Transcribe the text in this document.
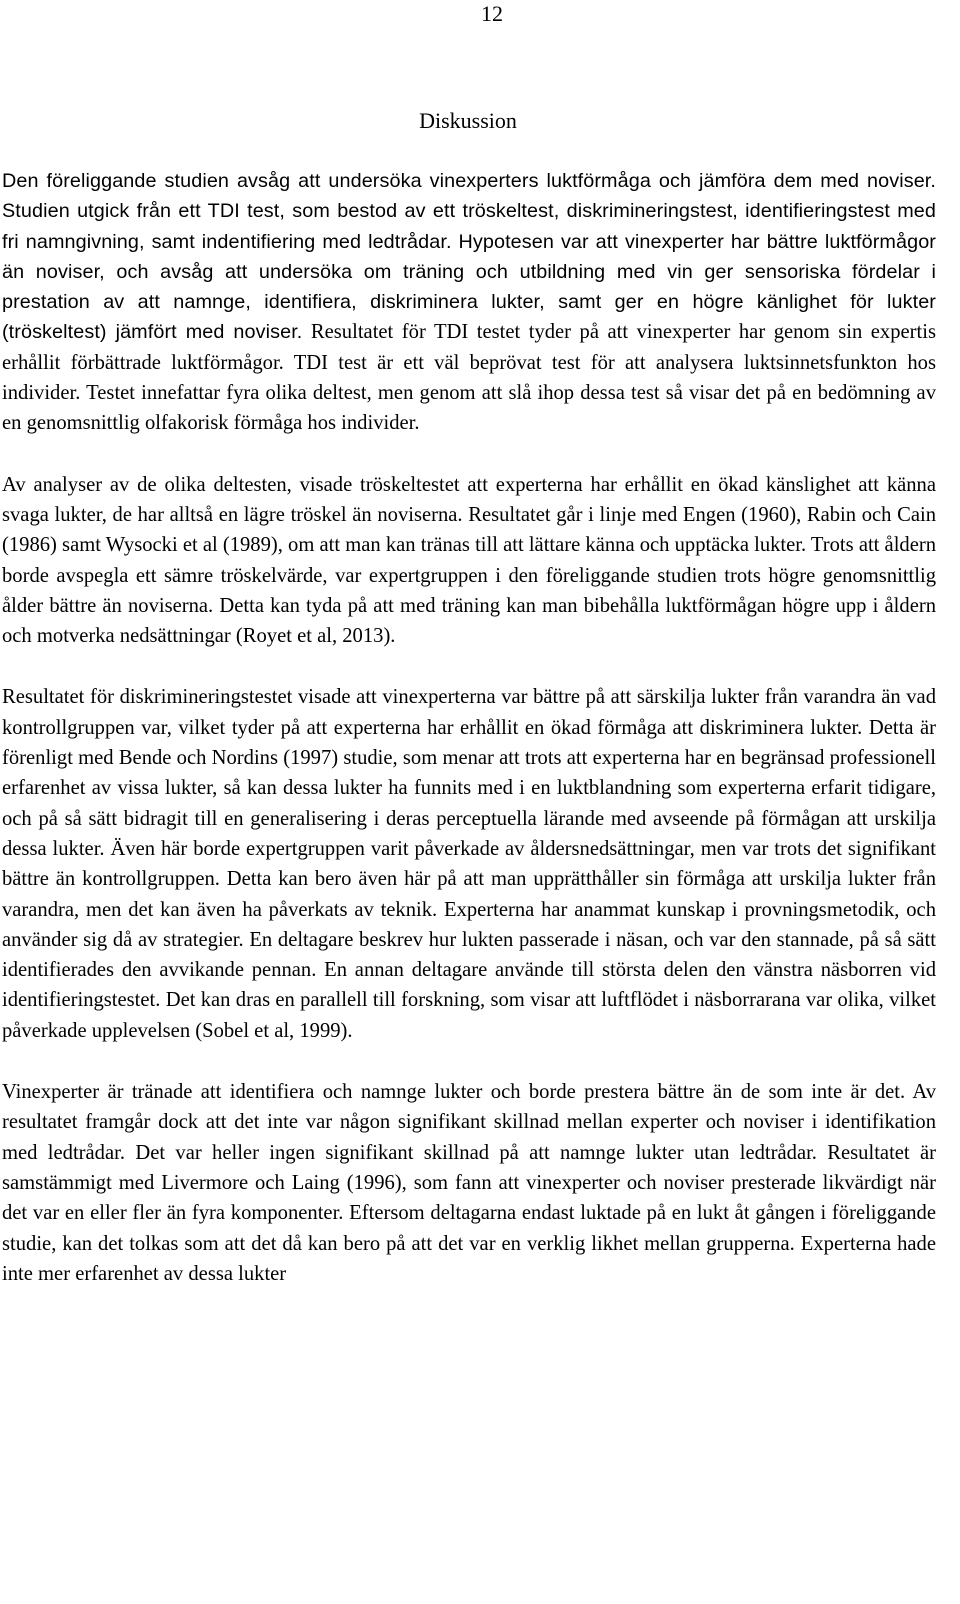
12
Diskussion

Den föreliggande studien avsåg att undersöka vinexperters luktförmåga och jämföra dem med noviser. Studien utgick från ett TDI test, som bestod av ett tröskeltest, diskrimineringstest, identifieringstest med fri namngivning, samt indentifiering med ledtrådar. Hypotesen var att vinexperter har bättre luktförmågor än noviser, och avsåg att undersöka om träning och utbildning med vin ger sensoriska fördelar i prestation av att namnge, identifiera, diskriminera lukter, samt ger en högre känlighet för lukter (tröskeltest) jämfört med noviser. Resultatet för TDI testet tyder på att vinexperter har genom sin expertis erhållit förbättrade luktförmågor. TDI test är ett väl beprövat test för att analysera luktsinnetsfunkton hos individer. Testet innefattar fyra olika deltest, men genom att slå ihop dessa test så visar det på en bedömning av en genomsnittlig olfakorisk förmåga hos individer.

Av analyser av de olika deltesten, visade tröskeltestet att experterna har erhållit en ökad känslighet att känna svaga lukter, de har alltså en lägre tröskel än noviserna. Resultatet går i linje med Engen (1960), Rabin och Cain (1986) samt Wysocki et al (1989), om att man kan tränas till att lättare känna och upptäcka lukter. Trots att åldern borde avspegla ett sämre tröskelvärde, var expertgruppen i den föreliggande studien trots högre genomsnittlig ålder bättre än noviserna. Detta kan tyda på att med träning kan man bibehålla luktförmågan högre upp i åldern och motverka nedsättningar (Royet et al, 2013).

Resultatet för diskrimineringstestet visade att vinexperterna var bättre på att särskilja lukter från varandra än vad kontrollgruppen var, vilket tyder på att experterna har erhållit en ökad förmåga att diskriminera lukter. Detta är förenligt med Bende och Nordins (1997) studie, som menar att trots att experterna har en begränsad professionell erfarenhet av vissa lukter, så kan dessa lukter ha funnits med i en luktblandning som experterna erfarit tidigare, och på så sätt bidragit till en generalisering i deras perceptuella lärande med avseende på förmågan att urskilja dessa lukter. Även här borde expertgruppen varit påverkade av åldersnedsättningar, men var trots det signifikant bättre än kontrollgruppen. Detta kan bero även här på att man upprätthåller sin förmåga att urskilja lukter från varandra, men det kan även ha påverkats av teknik. Experterna har anammat kunskap i provningsmetodik, och använder sig då av strategier. En deltagare beskrev hur lukten passerade i näsan, och var den stannade, på så sätt identifierades den avvikande pennan. En annan deltagare använde till största delen den vänstra näsborren vid identifieringstestet. Det kan dras en parallell till forskning, som visar att luftflödet i näsborrarana var olika, vilket påverkade upplevelsen (Sobel et al, 1999).

Vinexperter är tränade att identifiera och namnge lukter och borde prestera bättre än de som inte är det. Av resultatet framgår dock att det inte var någon signifikant skillnad mellan experter och noviser i identifikation med ledtrådar. Det var heller ingen signifikant skillnad på att namnge lukter utan ledtrådar. Resultatet är samstämmigt med Livermore och Laing (1996), som fann att vinexperter och noviser presterade likvärdigt när det var en eller fler än fyra komponenter. Eftersom deltagarna endast luktade på en lukt åt gången i föreliggande studie, kan det tolkas som att det då kan bero på att det var en verklig likhet mellan grupperna. Experterna hade inte mer erfarenhet av dessa lukter
